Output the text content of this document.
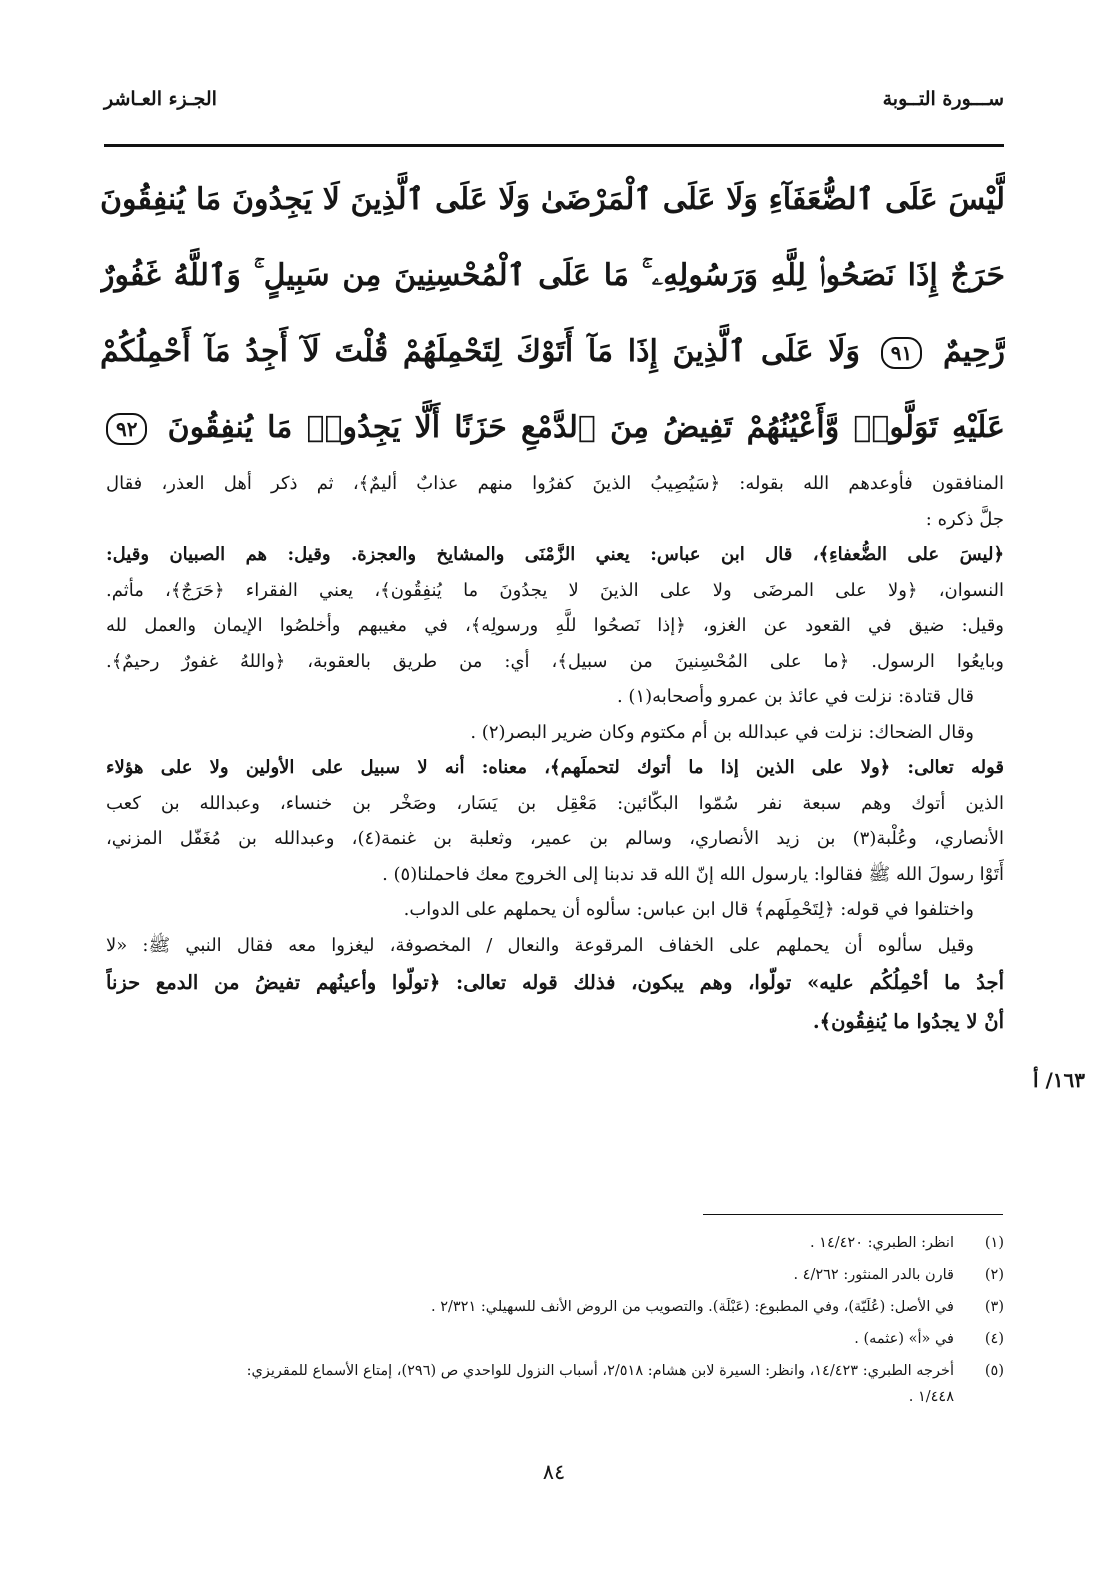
ســـورة التــوبة
الجـزء العـاشر
لَّيْسَ عَلَى ٱلضُّعَفَآءِ وَلَا عَلَى ٱلْمَرْضَىٰ وَلَا عَلَى ٱلَّذِينَ لَا يَجِدُونَ مَا يُنفِقُونَ
حَرَجٌ إِذَا نَصَحُوا۟ لِلَّهِ وَرَسُولِهِۦ ۚ مَا عَلَى ٱلْمُحْسِنِينَ مِن سَبِيلٍ ۚ وَٱللَّهُ غَفُورٌ
رَّحِيمٌ ٩١ وَلَا عَلَى ٱلَّذِينَ إِذَا مَآ أَتَوْكَ لِتَحْمِلَهُمْ قُلْتَ لَآ أَجِدُ مَآ أَحْمِلُكُمْ
عَلَيْهِ تَوَلَّوا۟ وَّأَعْيُنُهُمْ تَفِيضُ مِنَ ٱلدَّمْعِ حَزَنًا أَلَّا يَجِدُوا۟ مَا يُنفِقُونَ ٩٢
المنافقون فأوعدهم الله بقوله: ﴿سَيُصِيبُ الذينَ كفرُوا منهم عذابٌ أليمٌ﴾، ثم ذكر أهل العذر، فقال
جلَّ ذكره :
﴿ليسَ على الضُّعفاءِ﴾، قال ابن عباس: يعني الزَّمْنَى والمشايخ والعجزة. وقيل: هم الصبيان وقيل:
النسوان، ﴿ولا على المرضَى ولا على الذينَ لا يجدُونَ ما يُنفِقُون﴾، يعني الفقراء ﴿حَرَجٌ﴾، مأثم.
وقيل: ضيق في القعود عن الغزو، ﴿إذا نَصحُوا للَّهِ ورسولِه﴾، في مغيبهم وأخلصُوا الإيمان والعمل لله
وبايعُوا الرسول. ﴿ما على المُحْسِنينَ من سبيل﴾، أي: من طريق بالعقوبة، ﴿واللهُ غفورٌ رحيمٌ﴾.
قال قتادة: نزلت في عائذ بن عمرو وأصحابه(١) .
وقال الضحاك: نزلت في عبدالله بن أم مكتوم وكان ضرير البصر(٢) .
قوله تعالى: ﴿ولا على الذين إذا ما أتوك لتحملَهم﴾، معناه: أنه لا سبيل على الأولين ولا على هؤلاء
الذين أتوك وهم سبعة نفر سُمّوا البكّائين: مَعْقِل بن يَسَار، وصَخْر بن خنساء، وعبدالله بن كعب
الأنصاري، وعُلْبة(٣) بن زيد الأنصاري، وسالم بن عمير، وثعلبة بن غنمة(٤)، وعبدالله بن مُغَفّل المزني،
أَتَوْا رسولَ الله ﷺ فقالوا: يارسول الله إنّ الله قد ندبنا إلى الخروج معك فاحملنا(٥) .
واختلفوا في قوله: ﴿لِتَحْمِلَهم﴾ قال ابن عباس: سألوه أن يحملهم على الدواب.
وقيل سألوه أن يحملهم على الخفاف المرقوعة والنعال / المخصوفة، ليغزوا معه فقال النبي ﷺ: «لا
أجدُ ما أحْمِلُكُم عليه» تولّوا، وهم يبكون، فذلك قوله تعالى: ﴿تولّوا وأعينُهم تفيضُ من الدمع حزناً
أنْ لا يجدُوا ما يُنفِقُون﴾.
١٦٣/ أ
(١)
انظر: الطبري: ١٤/٤٢٠ .
(٢)
قارن بالدر المنثور: ٤/٢٦٢ .
(٣)
في الأصل: (عُلَيّة)، وفي المطبوع: (عَبْلَة). والتصويب من الروض الأنف للسهيلي: ٢/٣٢١ .
(٤)
في «أ» (عثمه) .
(٥)
أخرجه الطبري: ١٤/٤٢٣، وانظر: السيرة لابن هشام: ٢/٥١٨، أسباب النزول للواحدي ص (٢٩٦)، إمتاع الأسماع للمقريزي:
١/٤٤٨ .
٨٤
